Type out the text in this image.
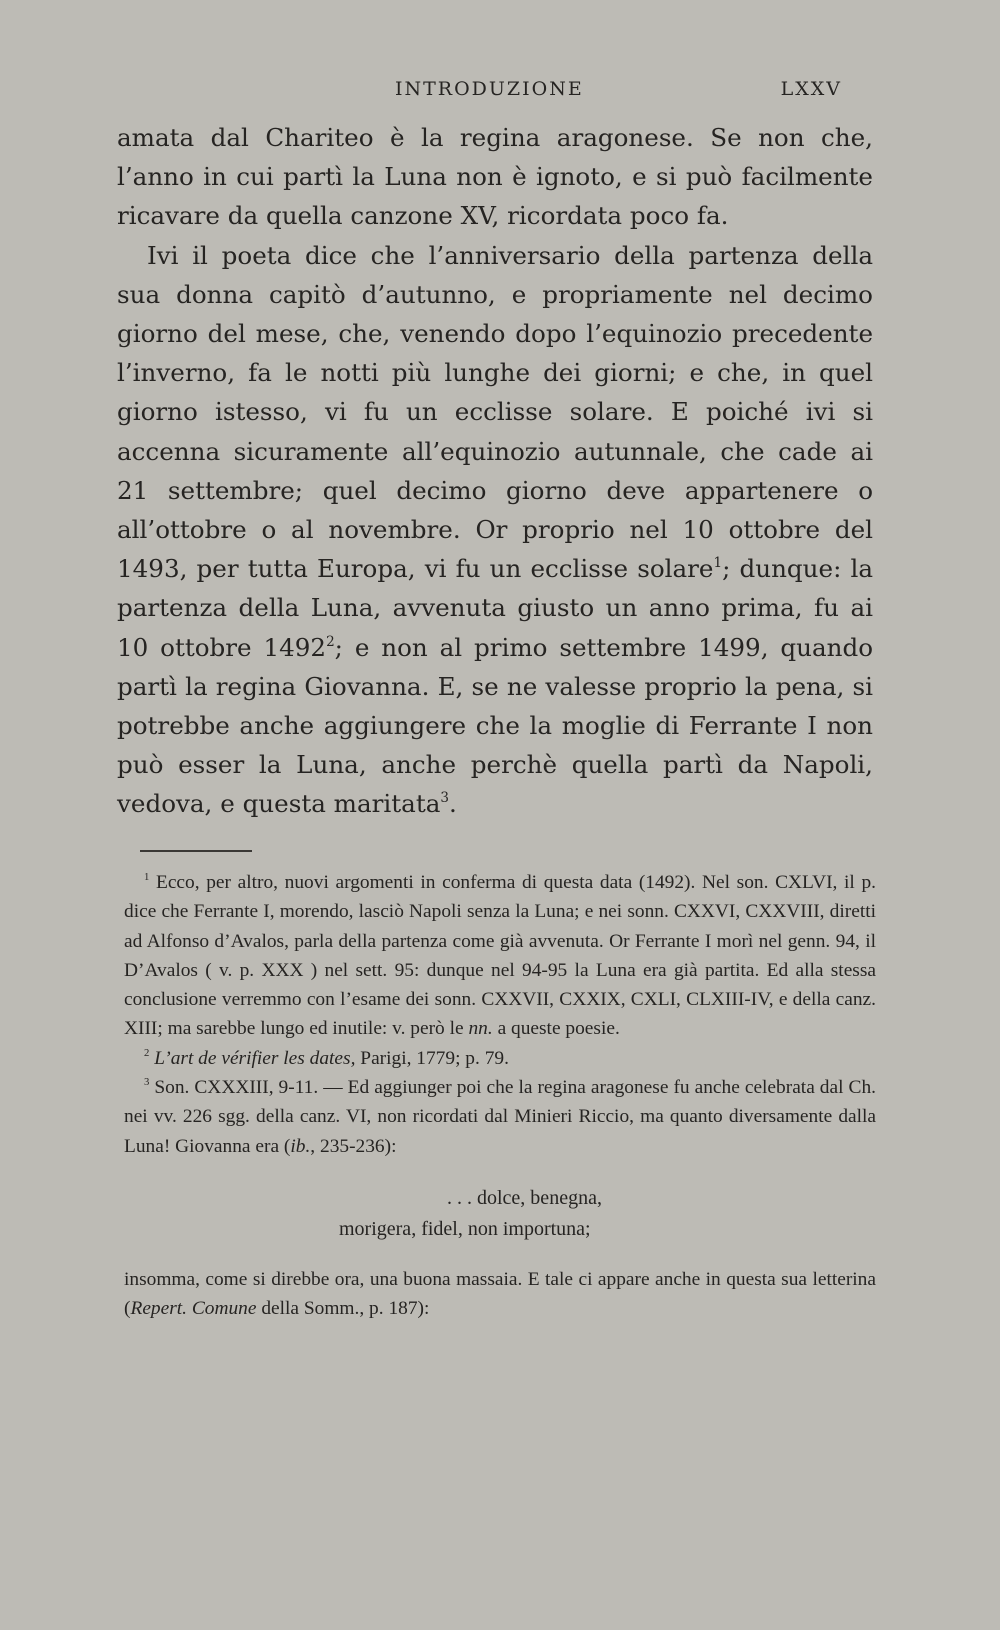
INTRODUZIONE	LXXV

amata dal Chariteo è la regina aragonese. Se non che, l’anno in cui partì la Luna non è ignoto, e si può facilmente ricavare da quella canzone XV, ricordata poco fa.

Ivi il poeta dice che l’anniversario della partenza della sua donna capitò d’autunno, e propriamente nel decimo giorno del mese, che, venendo dopo l’equinozio precedente l’inverno, fa le notti più lunghe dei giorni; e che, in quel giorno istesso, vi fu un ecclisse solare. E poiché ivi si accenna sicuramente all’equinozio autunnale, che cade ai 21 settembre; quel decimo giorno deve appartenere o all’ottobre o al novembre. Or proprio nel 10 ottobre del 1493, per tutta Europa, vi fu un ecclisse solare$^1$; dunque: la partenza della Luna, avvenuta giusto un anno prima, fu ai 10 ottobre 1492$^2$; e non al primo settembre 1499, quando partì la regina Giovanna. E, se ne valesse proprio la pena, si potrebbe anche aggiungere che la moglie di Ferrante I non può esser la Luna, anche perchè quella partì da Napoli, vedova, e questa maritata$^3$.

$^1$ Ecco, per altro, nuovi argomenti in conferma di questa data (1492). Nel son. CXLVI, il p. dice che Ferrante I, morendo, lasciò Napoli senza la Luna; e nei sonn. CXXVI, CXXVIII, diretti ad Alfonso d’Avalos, parla della partenza come già avvenuta. Or Ferrante I morì nel genn. 94, il D’Avalos ( v. p. XXX ) nel sett. 95: dunque nel 94-95 la Luna era già partita. Ed alla stessa conclusione verremmo con l’esame dei sonn. CXXVII, CXXIX, CXLI, CLXIII-IV, e della canz. XIII; ma sarebbe lungo ed inutile: v. però le nn. a queste poesie.

$^2$ L’art de vérifier les dates, Parigi, 1779; p. 79.

$^3$ Son. CXXXIII, 9-11. — Ed aggiunger poi che la regina aragonese fu anche celebrata dal Ch. nei vv. 226 sgg. della canz. VI, non ricordati dal Minieri Riccio, ma quanto diversamente dalla Luna! Giovanna era (ib., 235-236):

. . . dolce, benegna,
morigera, fidel, non importuna;

insomma, come si direbbe ora, una buona massaia. E tale ci appare anche in questa sua letterina (Repert. Comune della Somm., p. 187):
